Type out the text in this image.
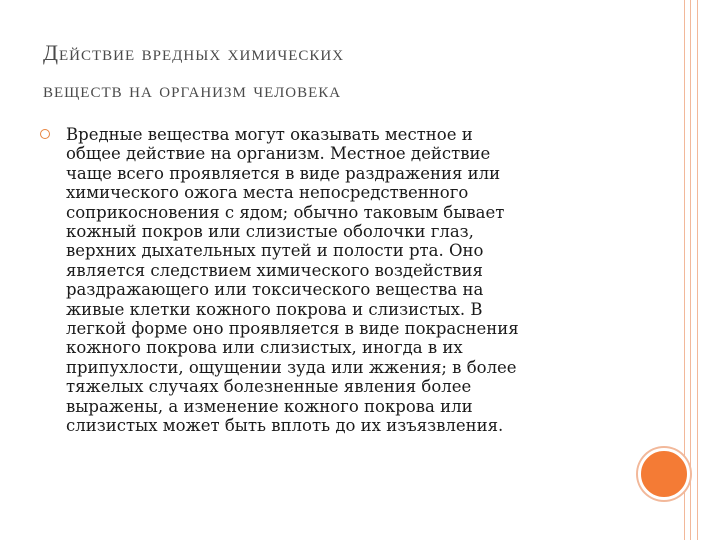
Действие вредных химических
веществ на организм человека
Вредные вещества могут оказывать местное и
общее действие на организм. Местное действие
чаще всего проявляется в виде раздражения или
химического ожога места непосредственного
соприкосновения с ядом; обычно таковым бывает
кожный покров или слизистые оболочки глаз,
верхних дыхательных путей и полости рта. Оно
является следствием химического воздействия
раздражающего или токсического вещества на
живые клетки кожного покрова и слизистых. В
легкой форме оно проявляется в виде покраснения
кожного покрова или слизистых, иногда в их
припухлости, ощущении зуда или жжения; в более
тяжелых случаях болезненные явления более
выражены, а изменение кожного покрова или
слизистых может быть вплоть до их изъязвления.
